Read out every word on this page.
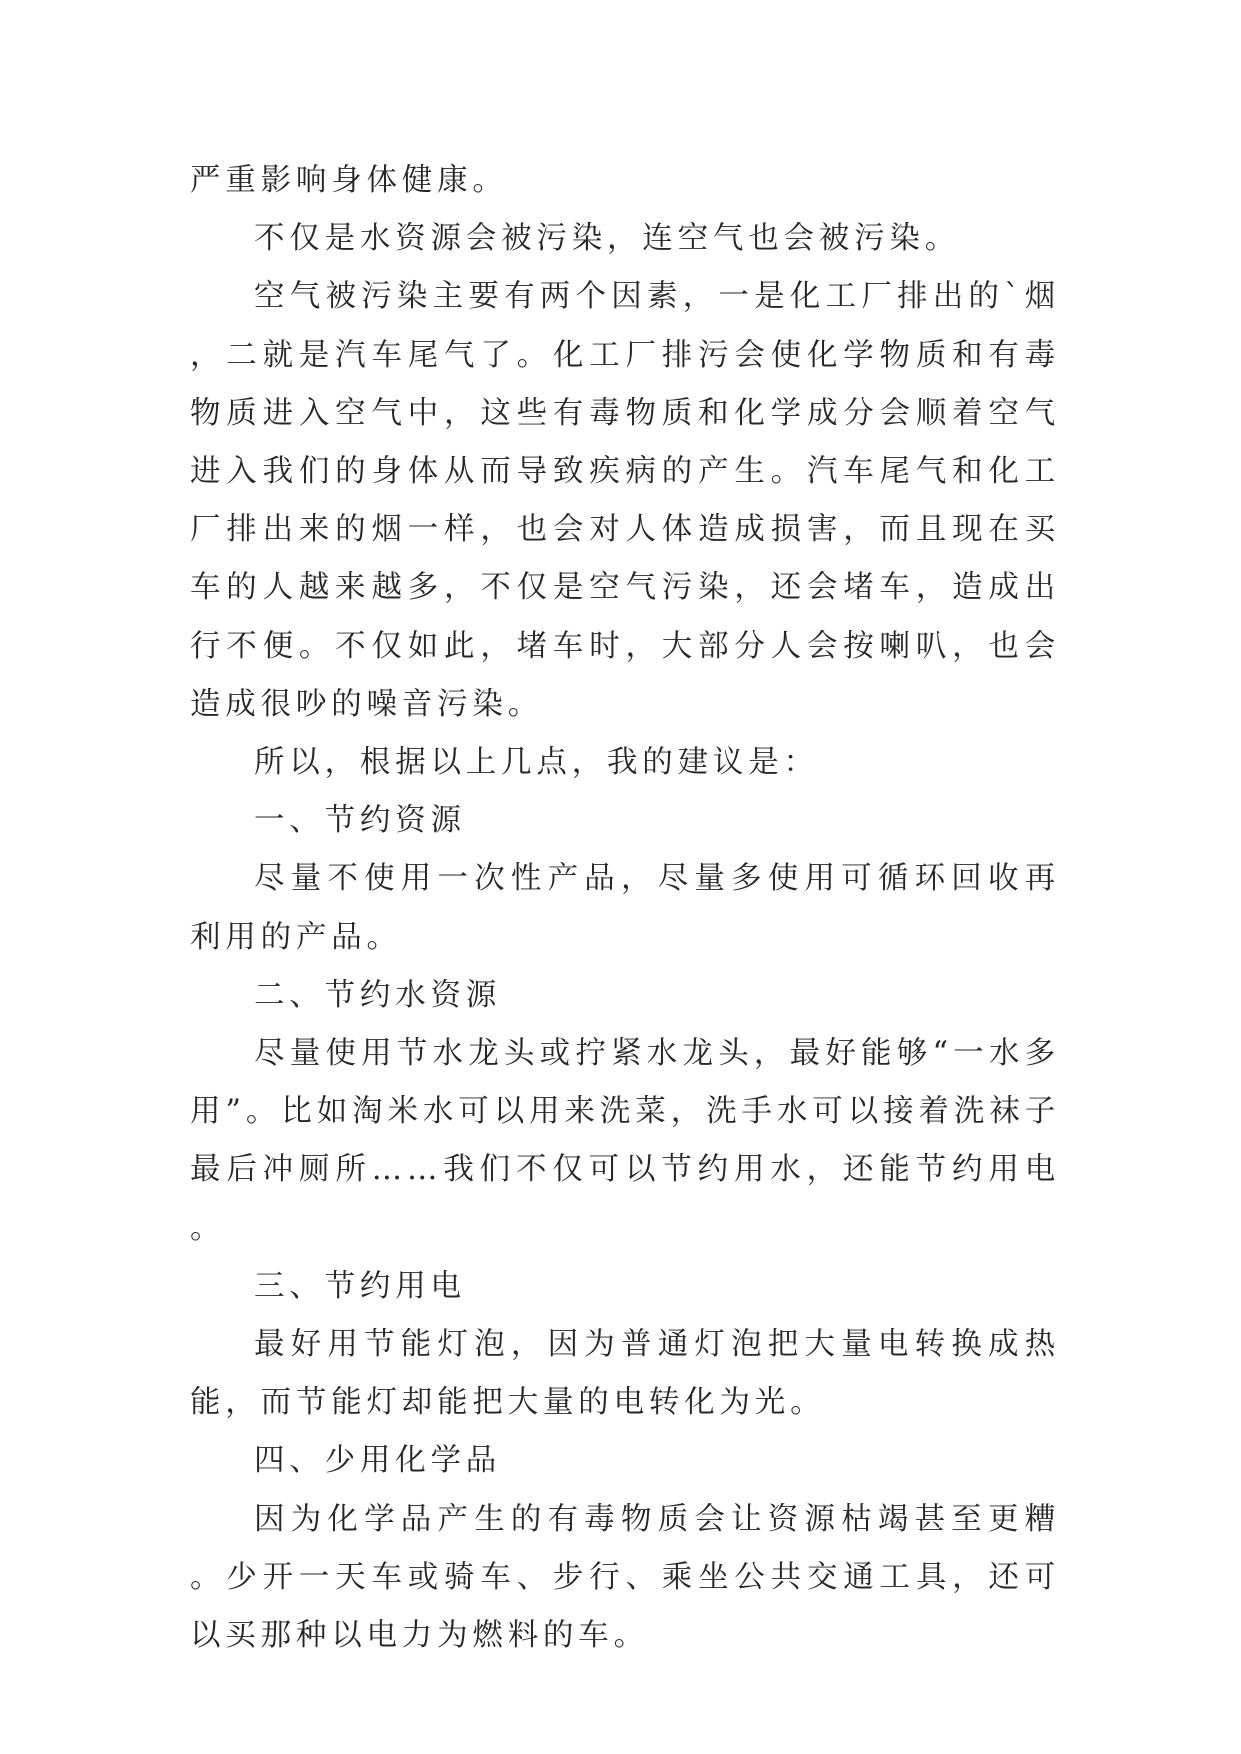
严重影响身体健康。

不仅是水资源会被污染，连空气也会被污染。

空气被污染主要有两个因素，一是化工厂排出的`烟，二就是汽车尾气了。化工厂排污会使化学物质和有毒物质进入空气中，这些有毒物质和化学成分会顺着空气进入我们的身体从而导致疾病的产生。汽车尾气和化工厂排出来的烟一样，也会对人体造成损害，而且现在买车的人越来越多，不仅是空气污染，还会堵车，造成出行不便。不仅如此，堵车时，大部分人会按喇叭，也会造成很吵的噪音污染。

所以，根据以上几点，我的建议是：

一、节约资源

尽量不使用一次性产品，尽量多使用可循环回收再利用的产品。

二、节约水资源

尽量使用节水龙头或拧紧水龙头，最好能够“一水多用”。比如淘米水可以用来洗菜，洗手水可以接着洗袜子最后冲厕所……我们不仅可以节约用水，还能节约用电。

三、节约用电

最好用节能灯泡，因为普通灯泡把大量电转换成热能，而节能灯却能把大量的电转化为光。

四、少用化学品

因为化学品产生的有毒物质会让资源枯竭甚至更糟。少开一天车或骑车、步行、乘坐公共交通工具，还可以买那种以电力为燃料的车。
